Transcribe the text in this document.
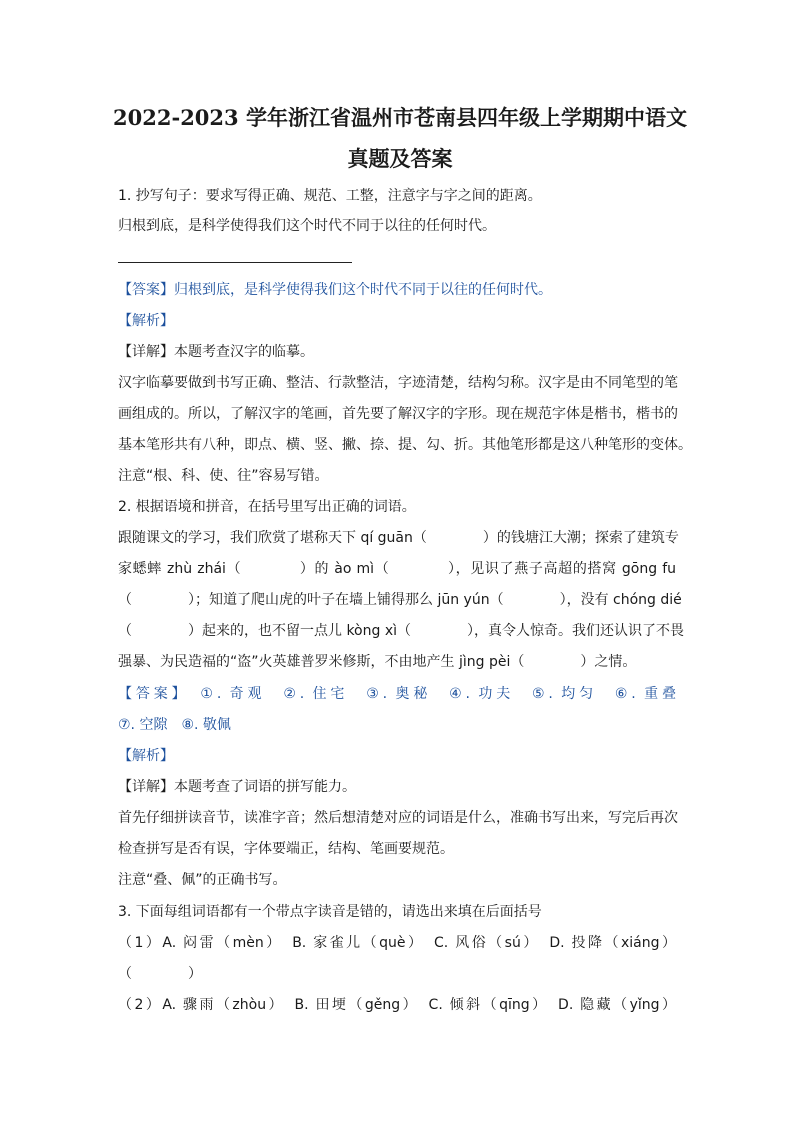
2022-2023 学年浙江省温州市苍南县四年级上学期期中语文
真题及答案
1. 抄写句子：要求写得正确、规范、工整，注意字与字之间的距离。
归根到底，是科学使得我们这个时代不同于以往的任何时代。
【答案】归根到底，是科学使得我们这个时代不同于以往的任何时代。
【解析】
【详解】本题考查汉字的临摹。
汉字临摹要做到书写正确、整洁、行款整洁，字迹清楚，结构匀称。汉字是由不同笔型的笔
画组成的。所以，了解汉字的笔画，首先要了解汉字的字形。现在规范字体是楷书，楷书的
基本笔形共有八种，即点、横、竖、撇、捺、提、勾、折。其他笔形都是这八种笔形的变体。
注意“根、科、使、往”容易写错。
2. 根据语境和拼音，在括号里写出正确的词语。
跟随课文的学习，我们欣赏了堪称天下 qí guān（　　　　）的钱塘江大潮；探索了建筑专
家蟋蟀 zhù zhái（　　　　）的 ào mì（　　　　），见识了燕子高超的搭窝 gōng fu
（　　　　）；知道了爬山虎的叶子在墙上铺得那么 jūn yún（　　　　），没有 chóng dié
（　　　　）起来的，也不留一点儿 kòng xì（　　　　），真令人惊奇。我们还认识了不畏
强暴、为民造福的“盗”火英雄普罗米修斯，不由地产生 jìng pèi（　　　　）之情。
【答案】　①. 奇观　②. 住宅　③. 奥秘　④. 功夫　⑤. 均匀　⑥. 重叠
⑦. 空隙　⑧. 敬佩
【解析】
【详解】本题考查了词语的拼写能力。
首先仔细拼读音节，读准字音；然后想清楚对应的词语是什么，准确书写出来，写完后再次
检查拼写是否有误，字体要端正，结构、笔画要规范。
注意“叠、佩”的正确书写。
3. 下面每组词语都有一个带点字读音是错的，请选出来填在后面括号
（1）A. 闷雷（mèn）　B. 家雀儿（què）　C. 风俗（sú）　D. 投降（xiáng）
（　　　　）
（2）A. 骤雨（zhòu）　B. 田埂（gěng）　C. 倾斜（qīng）　D. 隐藏（yǐng）
